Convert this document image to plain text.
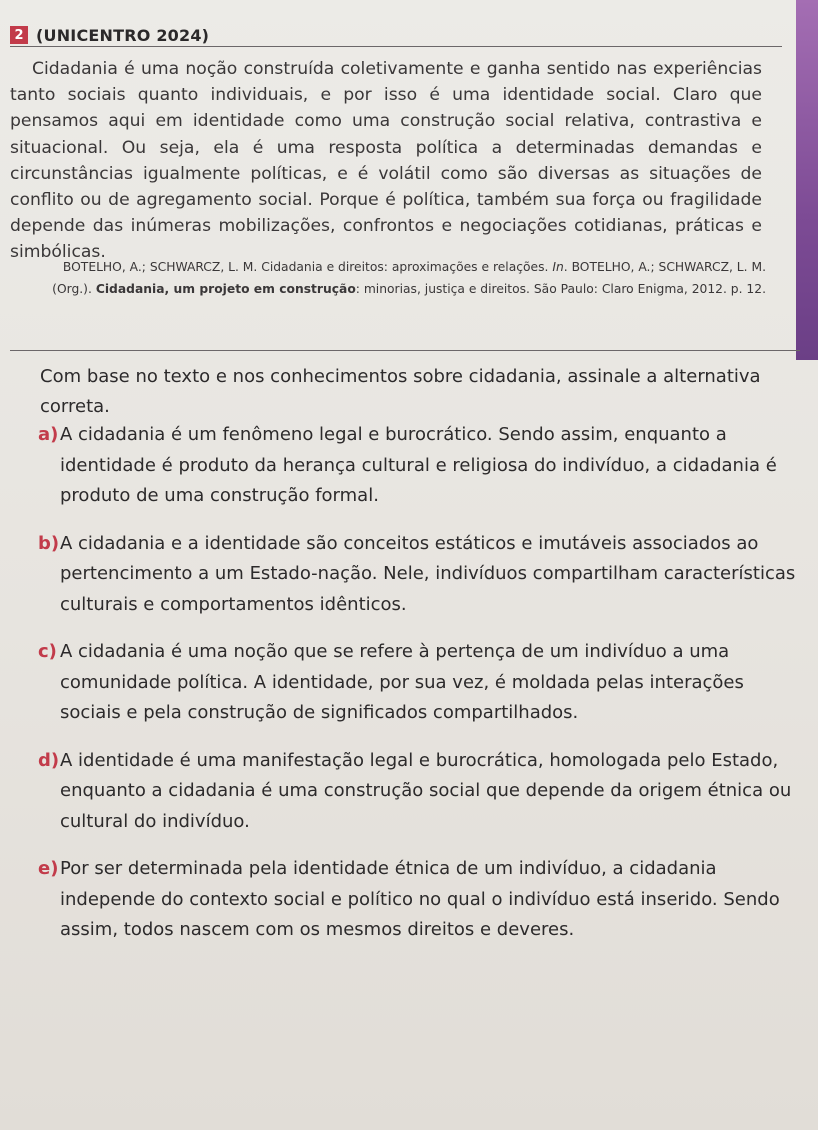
2 (UNICENTRO 2024)

Cidadania é uma noção construída coletivamente e ganha sentido nas experiências tanto sociais quanto individuais, e por isso é uma identidade social. Claro que pensamos aqui em identidade como uma construção social relativa, contrastiva e situacional. Ou seja, ela é uma resposta política a determinadas demandas e circunstâncias igualmente políticas, e é volátil como são diversas as situações de conflito ou de agregamento social. Porque é política, também sua força ou fragilidade depende das inúmeras mobilizações, confrontos e negociações cotidianas, práticas e simbólicas.

BOTELHO, A.; SCHWARCZ, L. M. Cidadania e direitos: aproximações e relações. In. BOTELHO, A.; SCHWARCZ, L. M. (Org.). Cidadania, um projeto em construção: minorias, justiça e direitos. São Paulo: Claro Enigma, 2012. p. 12.
Com base no texto e nos conhecimentos sobre cidadania, assinale a alternativa correta.
a) A cidadania é um fenômeno legal e burocrático. Sendo assim, enquanto a identidade é produto da herança cultural e religiosa do indivíduo, a cidadania é produto de uma construção formal.
b) A cidadania e a identidade são conceitos estáticos e imutáveis associados ao pertencimento a um Estado-nação. Nele, indivíduos compartilham características culturais e comportamentos idênticos.
c) A cidadania é uma noção que se refere à pertença de um indivíduo a uma comunidade política. A identidade, por sua vez, é moldada pelas interações sociais e pela construção de significados compartilhados.
d) A identidade é uma manifestação legal e burocrática, homologada pelo Estado, enquanto a cidadania é uma construção social que depende da origem étnica ou cultural do indivíduo.
e) Por ser determinada pela identidade étnica de um indivíduo, a cidadania independe do contexto social e político no qual o indivíduo está inserido. Sendo assim, todos nascem com os mesmos direitos e deveres.
